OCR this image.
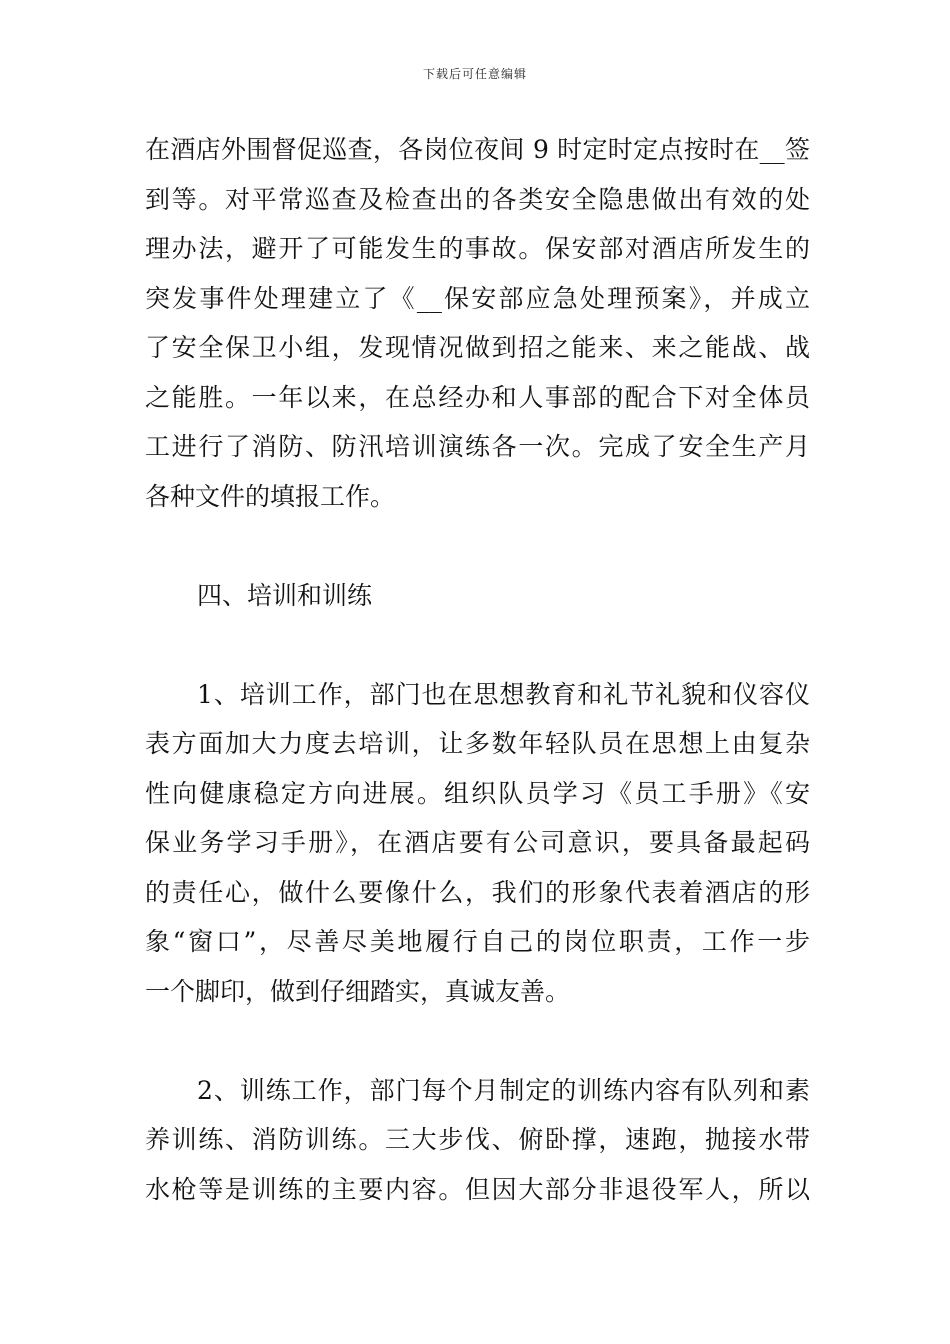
下载后可任意编辑
在酒店外围督促巡查，各岗位夜间 9 时定时定点按时在__签
到等。对平常巡查及检查出的各类安全隐患做出有效的处
理办法，避开了可能发生的事故。保安部对酒店所发生的
突发事件处理建立了《__保安部应急处理预案》，并成立
了安全保卫小组，发现情况做到招之能来、来之能战、战
之能胜。一年以来，在总经办和人事部的配合下对全体员
工进行了消防、防汛培训演练各一次。完成了安全生产月
各种文件的填报工作。
四、培训和训练
1、培训工作，部门也在思想教育和礼节礼貌和仪容仪
表方面加大力度去培训，让多数年轻队员在思想上由复杂
性向健康稳定方向进展。组织队员学习《员工手册》《安
保业务学习手册》，在酒店要有公司意识，要具备最起码
的责任心，做什么要像什么，我们的形象代表着酒店的形
象“窗口”，尽善尽美地履行自己的岗位职责，工作一步
一个脚印，做到仔细踏实，真诚友善。
2、训练工作，部门每个月制定的训练内容有队列和素
养训练、消防训练。三大步伐、俯卧撑，速跑，抛接水带
水枪等是训练的主要内容。但因大部分非退役军人，所以
